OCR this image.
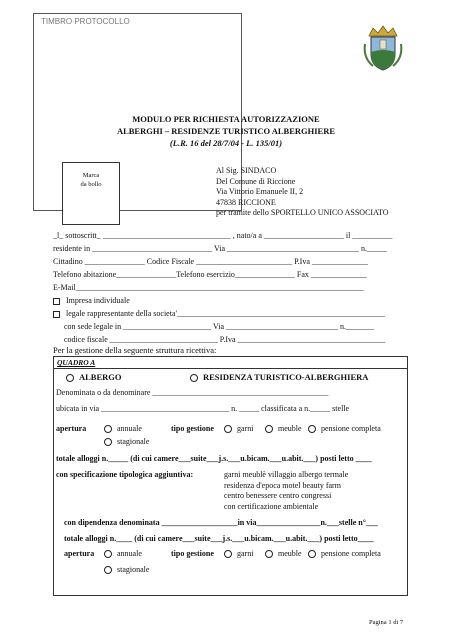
TIMBRO PROTOCOLLO
MODULO PER RICHIESTA AUTORIZZAZIONE
ALBERGHI – RESIDENZE TURISTICO ALBERGHIERE
(L.R. 16 del 28/7/04 - L. 135/01)
Marca
da bollo
Al Sig. SINDACO
Del Comune di Riccione
Via Vittorio Emanuele II, 2
47838 RICCIONE
per tramite dello SPORTELLO UNICO ASSOCIATO
_l_ sottoscritt_ ________________________________ , nato/a a ____________________ il __________
residente in ______________________________ Via _________________________________ n._____
Cittadino _______________ Codice Fiscale ________________________ P.Iva ______________
Telefono abitazione_______________Telefono esercizio_______________ Fax ______________
E-Mail________________________________________________________________________
Impresa individuale
legale rappresentante della societa'____________________________________________________
con sede legale in ______________________ Via ____________________________ n._______
codice fiscale ___________________________ P.Iva _____________________________________
Per la gestione della seguente struttura ricettiva:
QUADRO A
ALBERGO	RESIDENZA TURISTICO-ALBERGHIERA
Denominata o da denominare ____________________________________________
ubicata in via ________________________________ n. _____ classificata a n._____ stelle
apertura	annuale	tipo gestione	garni	meuble	pensione completa
stagionale
totale alloggi n._____ (di cui camere___suite___j.s.___u.bicam.___u.abit.___) posti letto ____
con specificazione tipologica aggiuntiva:	garni meublè villaggio albergo termale
residenza d'epoca motel beauty farm
centro benessere centro congressi
con certificazione ambientale
con dipendenza denominata ___________________in via________________n.___stelle n°___
totale alloggi n.____ (di cui camere___suite___j.s.___u.bicam.___u.abit.___) posti letto____
apertura	annuale	tipo gestione	garni	meuble	pensione completa
stagionale
Pagina 1 di 7
